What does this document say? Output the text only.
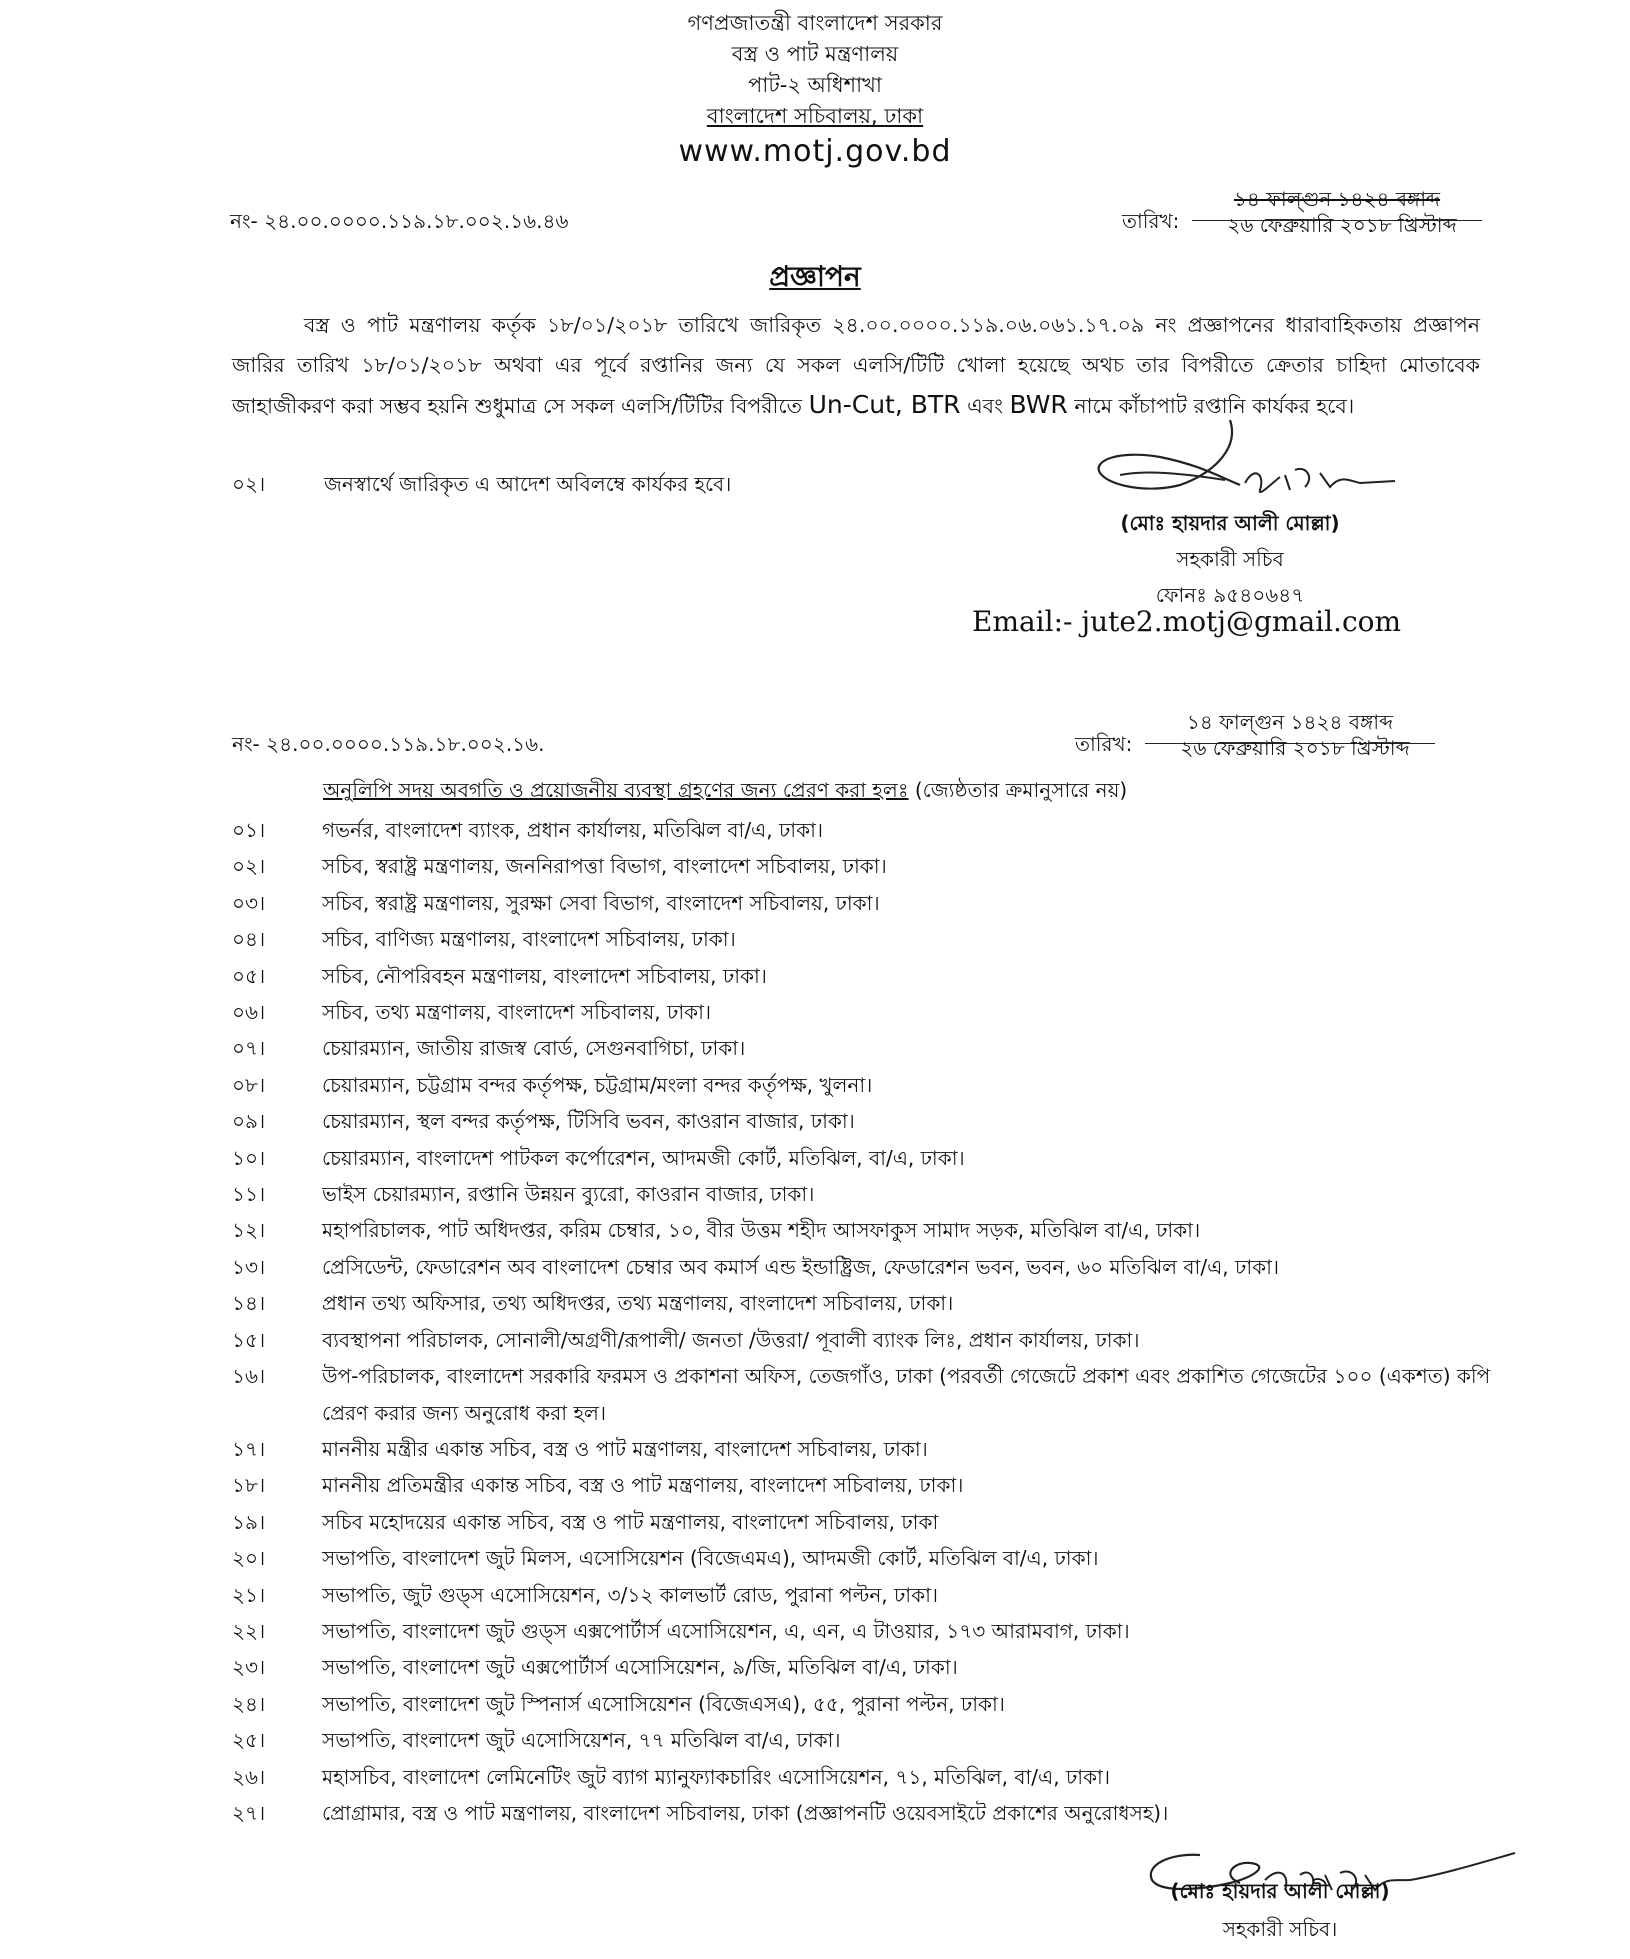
গণপ্রজাতন্ত্রী বাংলাদেশ সরকার
বস্ত্র ও পাট মন্ত্রণালয়
পাট-২ অধিশাখা
বাংলাদেশ সচিবালয়, ঢাকা
www.motj.gov.bd
নং- ২৪.০০.০০০০.১১৯.১৮.০০২.১৬.৪৬	তারিখ:
১৪ ফাল্গুন ১৪২৪ বঙ্গাব্দ
২৬ ফেব্রুয়ারি ২০১৮ খ্রিস্টাব্দ
প্রজ্ঞাপন
বস্ত্র ও পাট মন্ত্রণালয় কর্তৃক ১৮/০১/২০১৮ তারিখে জারিকৃত ২৪.০০.০০০০.১১৯.০৬.০৬১.১৭.০৯ নং প্রজ্ঞাপনের ধারাবাহিকতায় প্রজ্ঞাপন জারির তারিখ ১৮/০১/২০১৮ অথবা এর পূর্বে রপ্তানির জন্য যে সকল এলসি/টিটি খোলা হয়েছে অথচ তার বিপরীতে ক্রেতার চাহিদা মোতাবেক জাহাজীকরণ করা সম্ভব হয়নি শুধুমাত্র সে সকল এলসি/টিটির বিপরীতে Un-Cut, BTR এবং BWR নামে কাঁচাপাট রপ্তানি কার্যকর হবে।
০২।	জনস্বার্থে জারিকৃত এ আদেশ অবিলম্বে কার্যকর হবে।
(মোঃ হায়দার আলী মোল্লা)
সহকারী সচিব
ফোনঃ ৯৫৪০৬৪৭
Email:- jute2.motj@gmail.com
নং- ২৪.০০.০০০০.১১৯.১৮.০০২.১৬.	তারিখ:
১৪ ফাল্গুন ১৪২৪ বঙ্গাব্দ
২৬ ফেব্রুয়ারি ২০১৮ খ্রিস্টাব্দ
অনুলিপি সদয় অবগতি ও প্রয়োজনীয় ব্যবস্থা গ্রহণের জন্য প্রেরণ করা হলঃ (জ্যেষ্ঠতার ক্রমানুসারে নয়)
০১।	গভর্নর, বাংলাদেশ ব্যাংক, প্রধান কার্যালয়, মতিঝিল বা/এ, ঢাকা।
০২।	সচিব, স্বরাষ্ট্র মন্ত্রণালয়, জননিরাপত্তা বিভাগ, বাংলাদেশ সচিবালয়, ঢাকা।
০৩।	সচিব, স্বরাষ্ট্র মন্ত্রণালয়, সুরক্ষা সেবা বিভাগ, বাংলাদেশ সচিবালয়, ঢাকা।
০৪।	সচিব, বাণিজ্য মন্ত্রণালয়, বাংলাদেশ সচিবালয়, ঢাকা।
০৫।	সচিব, নৌপরিবহন মন্ত্রণালয়, বাংলাদেশ সচিবালয়, ঢাকা।
০৬।	সচিব, তথ্য মন্ত্রণালয়, বাংলাদেশ সচিবালয়, ঢাকা।
০৭।	চেয়ারম্যান, জাতীয় রাজস্ব বোর্ড, সেগুনবাগিচা, ঢাকা।
০৮।	চেয়ারম্যান, চট্টগ্রাম বন্দর কর্তৃপক্ষ, চট্টগ্রাম/মংলা বন্দর কর্তৃপক্ষ, খুলনা।
০৯।	চেয়ারম্যান, স্থল বন্দর কর্তৃপক্ষ, টিসিবি ভবন, কাওরান বাজার, ঢাকা।
১০।	চেয়ারম্যান, বাংলাদেশ পাটকল কর্পোরেশন, আদমজী কোর্ট, মতিঝিল, বা/এ, ঢাকা।
১১।	ভাইস চেয়ারম্যান, রপ্তানি উন্নয়ন ব্যুরো, কাওরান বাজার, ঢাকা।
১২।	মহাপরিচালক, পাট অধিদপ্তর, করিম চেম্বার, ১০, বীর উত্তম শহীদ আসফাকুস সামাদ সড়ক, মতিঝিল বা/এ, ঢাকা।
১৩।	প্রেসিডেন্ট, ফেডারেশন অব বাংলাদেশ চেম্বার অব কমার্স এন্ড ইন্ডাষ্ট্রিজ, ফেডারেশন ভবন, ভবন, ৬০ মতিঝিল বা/এ, ঢাকা।
১৪।	প্রধান তথ্য অফিসার, তথ্য অধিদপ্তর, তথ্য মন্ত্রণালয়, বাংলাদেশ সচিবালয়, ঢাকা।
১৫।	ব্যবস্থাপনা পরিচালক, সোনালী/অগ্রণী/রূপালী/ জনতা /উত্তরা/ পূবালী ব্যাংক লিঃ, প্রধান কার্যালয়, ঢাকা।
১৬।	উপ-পরিচালক, বাংলাদেশ সরকারি ফরমস ও প্রকাশনা অফিস, তেজগাঁও, ঢাকা (পরবর্তী গেজেটে প্রকাশ এবং প্রকাশিত গেজেটের ১০০ (একশত) কপি প্রেরণ করার জন্য অনুরোধ করা হল।
১৭।	মাননীয় মন্ত্রীর একান্ত সচিব, বস্ত্র ও পাট মন্ত্রণালয়, বাংলাদেশ সচিবালয়, ঢাকা।
১৮।	মাননীয় প্রতিমন্ত্রীর একান্ত সচিব, বস্ত্র ও পাট মন্ত্রণালয়, বাংলাদেশ সচিবালয়, ঢাকা।
১৯।	সচিব মহোদয়ের একান্ত সচিব, বস্ত্র ও পাট মন্ত্রণালয়, বাংলাদেশ সচিবালয়, ঢাকা
২০।	সভাপতি, বাংলাদেশ জুট মিলস, এসোসিয়েশন (বিজেএমএ), আদমজী কোর্ট, মতিঝিল বা/এ, ঢাকা।
২১।	সভাপতি, জুট গুড্স এসোসিয়েশন, ৩/১২ কালভার্ট রোড, পুরানা পল্টন, ঢাকা।
২২।	সভাপতি, বাংলাদেশ জুট গুড্স এক্সপোর্টার্স এসোসিয়েশন, এ, এন, এ টাওয়ার, ১৭৩ আরামবাগ, ঢাকা।
২৩।	সভাপতি, বাংলাদেশ জুট এক্সপোর্টার্স এসোসিয়েশন, ৯/জি, মতিঝিল বা/এ, ঢাকা।
২৪।	সভাপতি, বাংলাদেশ জুট স্পিনার্স এসোসিয়েশন (বিজেএসএ), ৫৫, পুরানা পল্টন, ঢাকা।
২৫।	সভাপতি, বাংলাদেশ জুট এসোসিয়েশন, ৭৭ মতিঝিল বা/এ, ঢাকা।
২৬।	মহাসচিব, বাংলাদেশ লেমিনেটিং জুট ব্যাগ ম্যানুফ্যাকচারিং এসোসিয়েশন, ৭১, মতিঝিল, বা/এ, ঢাকা।
২৭।	প্রোগ্রামার, বস্ত্র ও পাট মন্ত্রণালয়, বাংলাদেশ সচিবালয়, ঢাকা (প্রজ্ঞাপনটি ওয়েবসাইটে প্রকাশের অনুরোধসহ)।
(মোঃ হায়দার আলী মোল্লা)
সহকারী সচিব।
